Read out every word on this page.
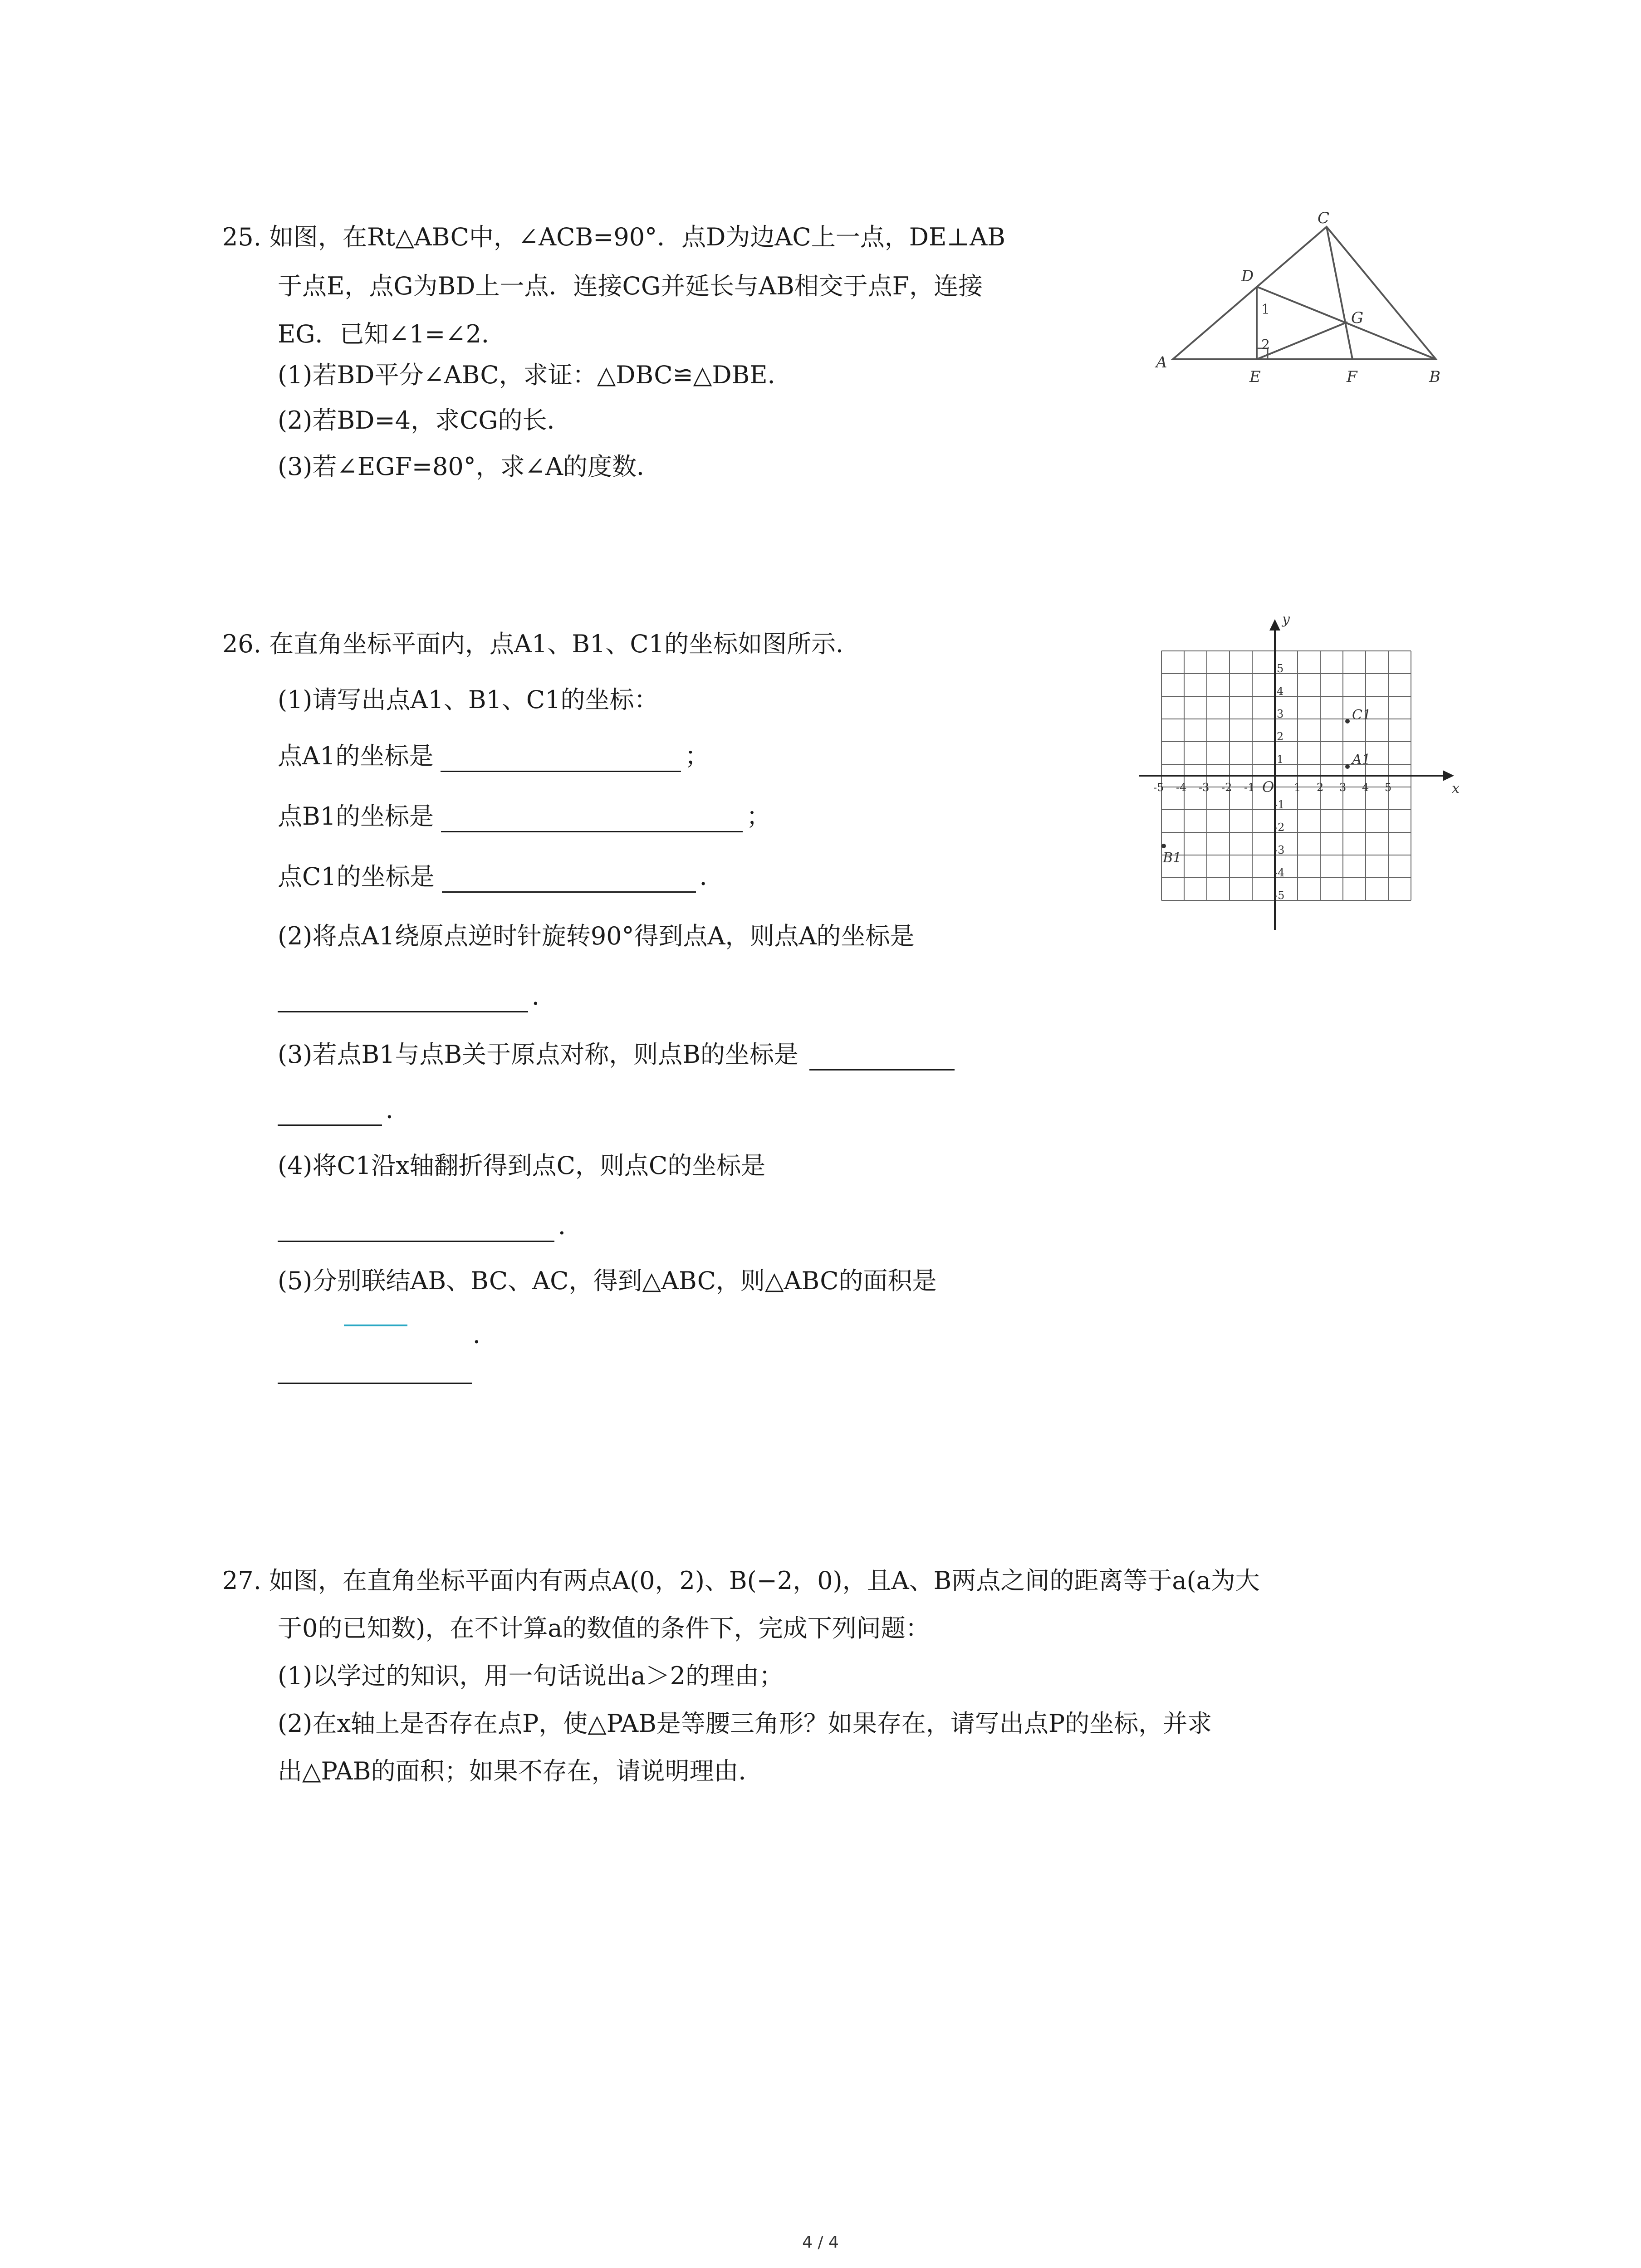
25. 如图，在Rt△ABC中，∠ACB=90°．点D为边AC上一点，DE⊥AB
于点E，点G为BD上一点．连接CG并延长与AB相交于点F，连接
EG．已知∠1=∠2．
(1)若BD平分∠ABC，求证：△DBC≌△DBE．
(2)若BD=4，求CG的长．
(3)若∠EGF=80°，求∠A的度数．
A
C
D
E	F
G
B
1
2
26. 在直角坐标平面内，点A1、B1、C1的坐标如图所示．
(1)请写出点A1、B1、C1的坐标：
点A1的坐标是	；
点B1的坐标是	；
点C1的坐标是	．
(2)将点A1绕原点逆时针旋转90°得到点A，则点A的坐标是
．
(3)若点B1与点B关于原点对称，则点B的坐标是
．
(4)将C1沿x轴翻折得到点C，则点C的坐标是
．
(5)分别联结AB、BC、AC，得到△ABC，则△ABC的面积是
．
x
y
O
-5 -4 -3 -2 -1	1 2 3 4 5
5
4
3
2
1
-1
-2
-3
-4
-5
A1
B1
C1
27. 如图，在直角坐标平面内有两点A(0，2)、B(−2，0)，且A、B两点之间的距离等于a(a为大
于0的已知数)，在不计算a的数值的条件下，完成下列问题：
(1)以学过的知识，用一句话说出a＞2的理由；
(2)在x轴上是否存在点P，使△PAB是等腰三角形？如果存在，请写出点P的坐标，并求
出△PAB的面积；如果不存在，请说明理由．
4 / 4
